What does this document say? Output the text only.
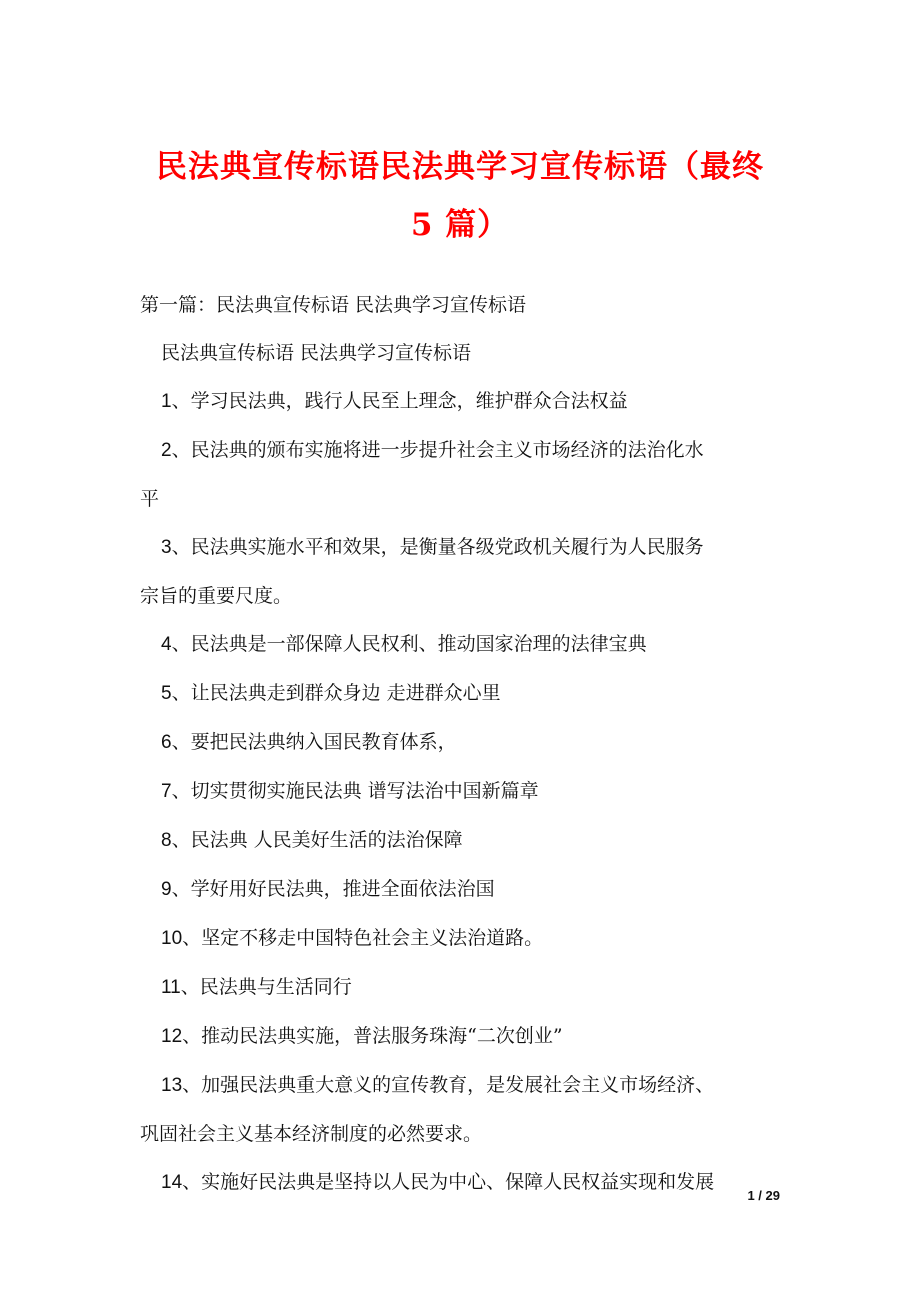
民法典宣传标语民法典学习宣传标语（最终
5 篇）

第一篇：民法典宣传标语 民法典学习宣传标语

民法典宣传标语 民法典学习宣传标语

1、学习民法典，践行人民至上理念，维护群众合法权益

2、民法典的颁布实施将进一步提升社会主义市场经济的法治化水

平

3、民法典实施水平和效果，是衡量各级党政机关履行为人民服务

宗旨的重要尺度。

4、民法典是一部保障人民权利、推动国家治理的法律宝典

5、让民法典走到群众身边 走进群众心里

6、要把民法典纳入国民教育体系，

7、切实贯彻实施民法典 谱写法治中国新篇章

8、民法典 人民美好生活的法治保障

9、学好用好民法典，推进全面依法治国

10、坚定不移走中国特色社会主义法治道路。

11、民法典与生活同行

12、推动民法典实施，普法服务珠海“二次创业”

13、加强民法典重大意义的宣传教育，是发展社会主义市场经济、

巩固社会主义基本经济制度的必然要求。

14、实施好民法典是坚持以人民为中心、保障人民权益实现和发展

1 / 29
